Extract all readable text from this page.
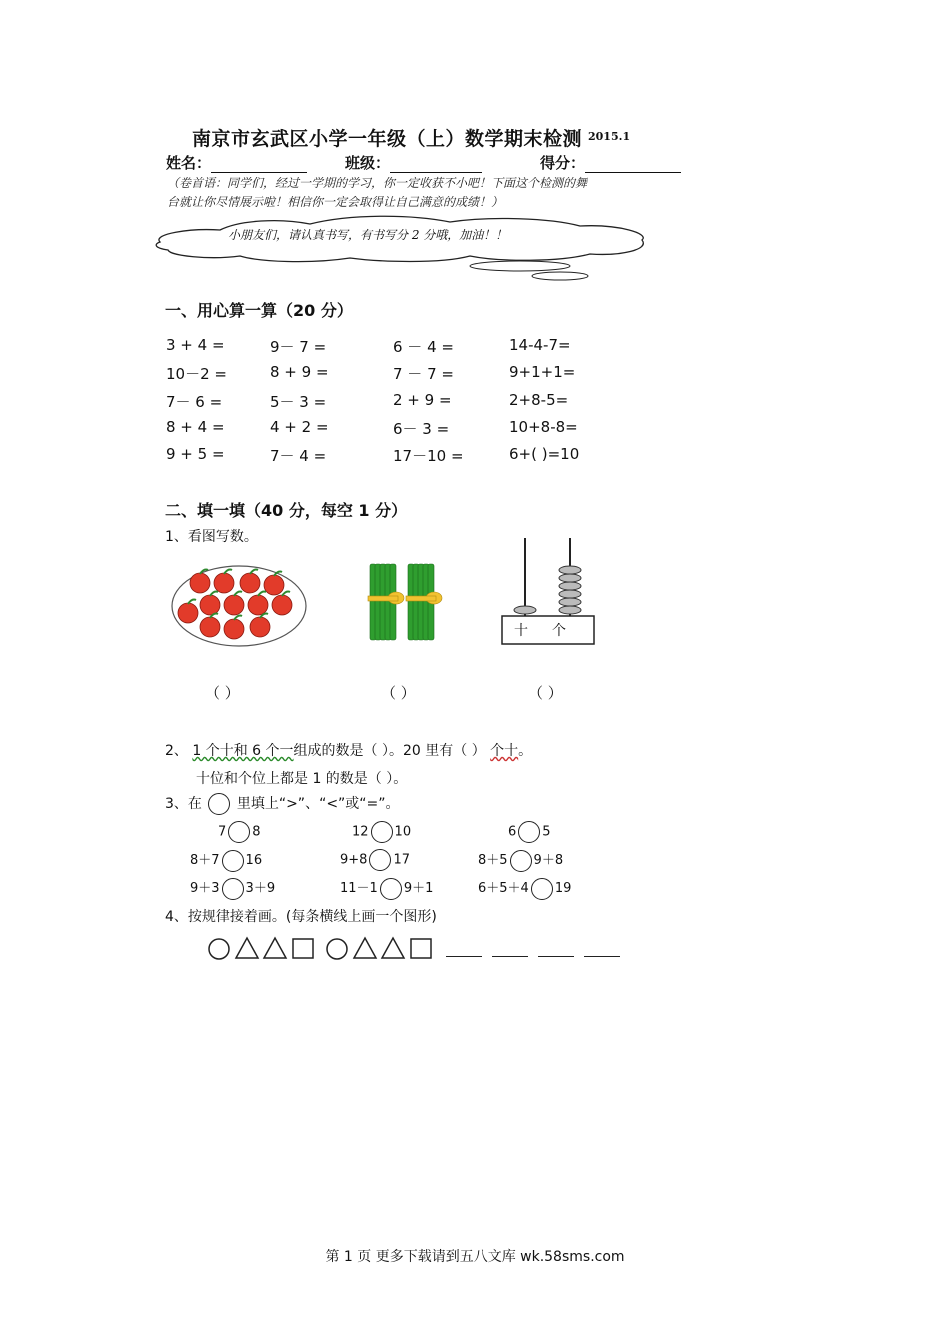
南京市玄武区小学一年级（上）数学期末检测 2015.1
姓名：	班级：	得分：
（卷首语：同学们，经过一学期的学习，你一定收获不小吧！下面这个检测的舞
台就让你尽情展示啦！相信你一定会取得让自己满意的成绩！）
小朋友们，请认真书写，有书写分 2 分哦，加油！！
一、用心算一算（20 分）
3 + 4 =	9－ 7 =	6 － 4 =	14-4-7=
10－2 =	8 + 9 =	7 － 7 =	9+1+1=
7－ 6 =	5－ 3 =	2 + 9 =	2+8-5=
8 + 4 =	4 + 2 =	6－ 3 =	10+8-8=
9 + 5 =	7－ 4 =	17－10 =	6+( )=10
二、填一填（40 分，每空 1 分）
1、看图写数。
十 个
（ ）	（ ）	（ ）
2、 1 个十和 6 个一组成的数是（ ）。20 里有（ ） 个十。
十位和个位上都是 1 的数是（ ）。
3、在 里填上“>”、“<”或“=”。
7 8	12 10	6 5
8＋7 16	9+8 17	8＋5 9＋8
9＋3 3＋9	11－1 9＋1	6＋5＋4 19
4、按规律接着画。(每条横线上画一个图形)
第 1 页 更多下载请到五八文库 wk.58sms.com
